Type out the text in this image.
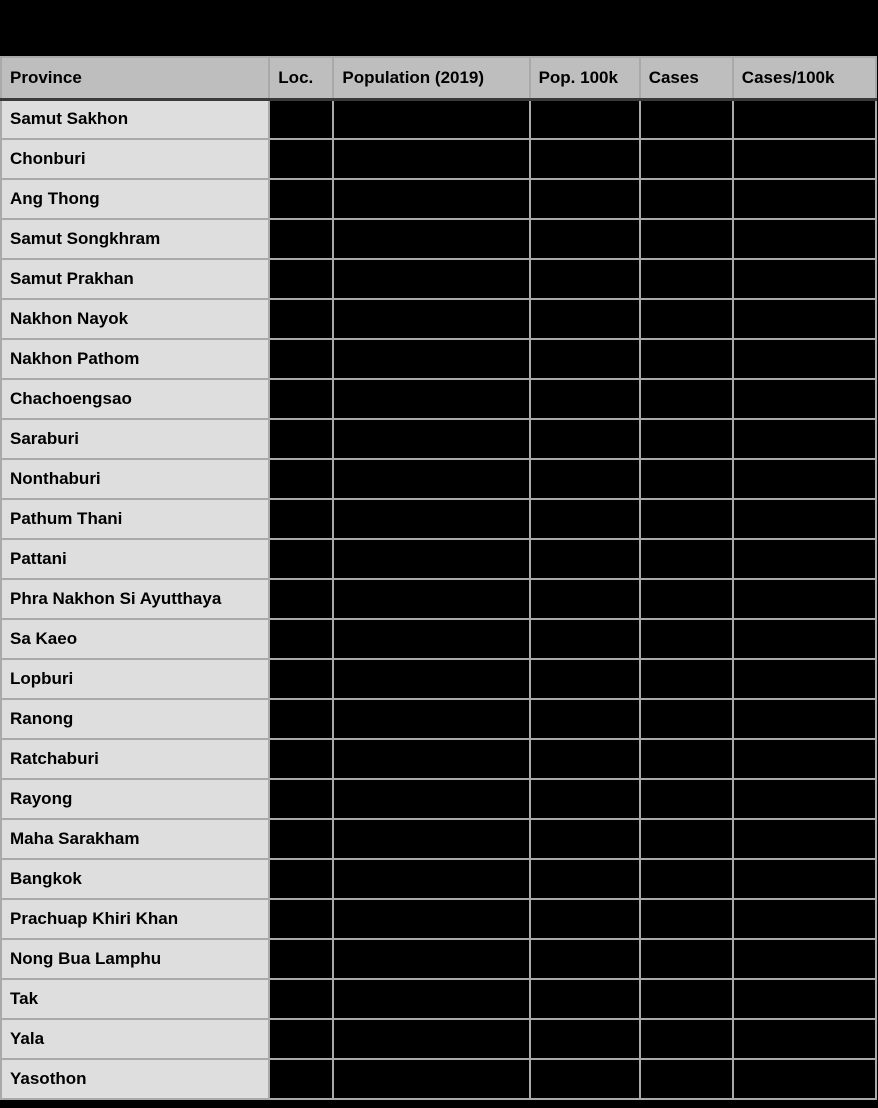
Province	Loc.	Population (2019)	Pop. 100k	Cases	Cases/100k
Samut Sakhon					
Chonburi					
Ang Thong					
Samut Songkhram					
Samut Prakhan					
Nakhon Nayok					
Nakhon Pathom					
Chachoengsao					
Saraburi					
Nonthaburi					
Pathum Thani					
Pattani					
Phra Nakhon Si Ayutthaya					
Sa Kaeo					
Lopburi					
Ranong					
Ratchaburi					
Rayong					
Maha Sarakham					
Bangkok					
Prachuap Khiri Khan					
Nong Bua Lamphu					
Tak					
Yala					
Yasothon					
